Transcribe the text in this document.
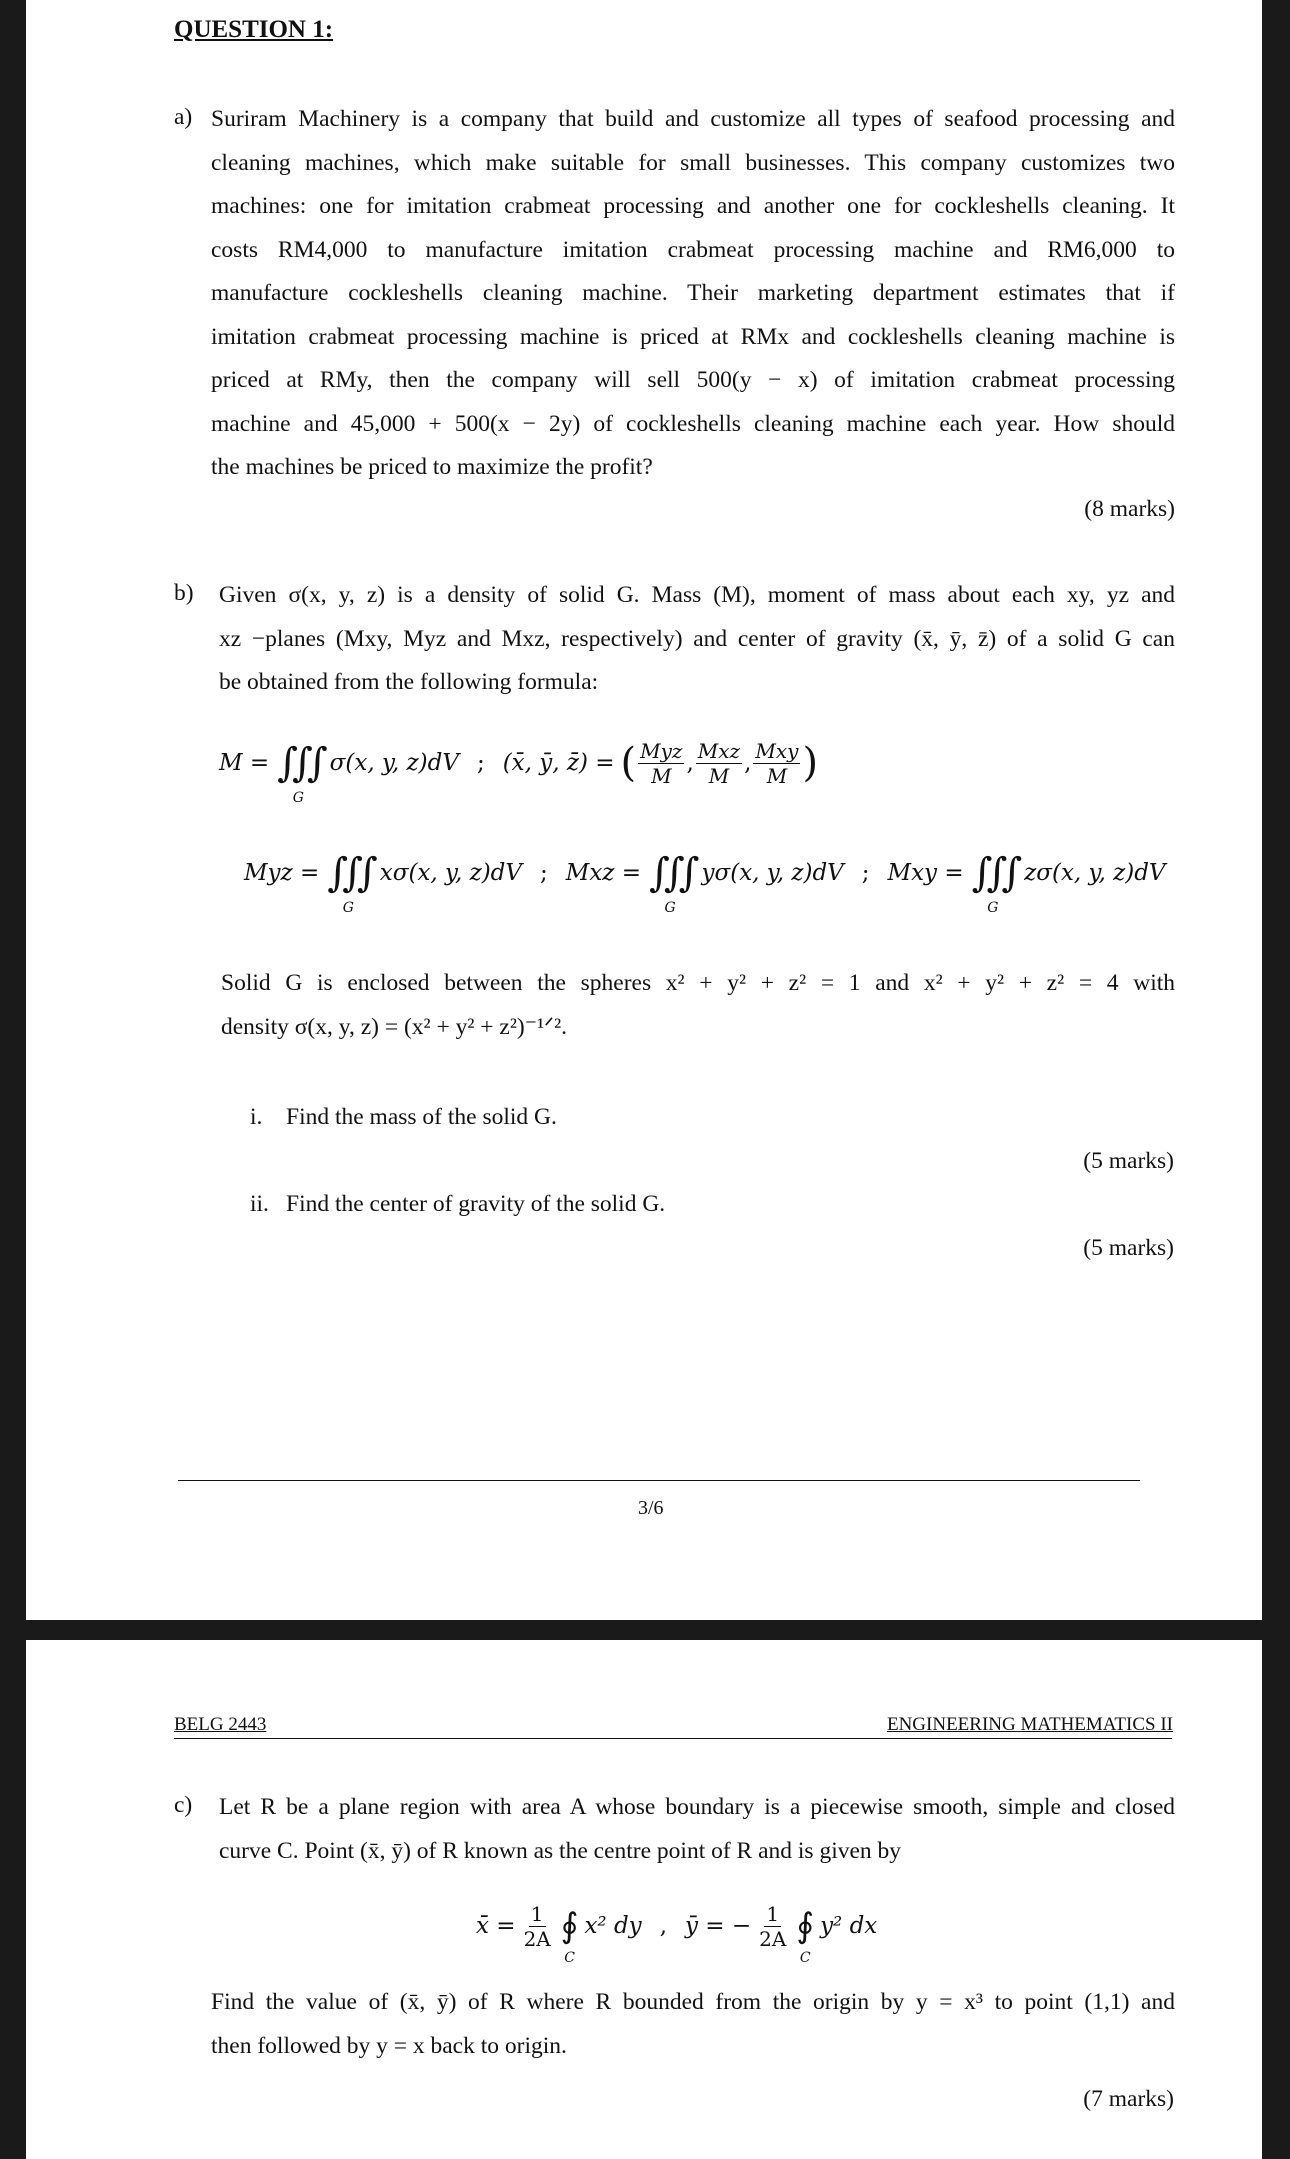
QUESTION 1:
a) Suriram Machinery is a company that build and customize all types of seafood processing and
cleaning machines, which make suitable for small businesses. This company customizes two
machines: one for imitation crabmeat processing and another one for cockleshells cleaning. It
costs RM4,000 to manufacture imitation crabmeat processing machine and RM6,000 to
manufacture cockleshells cleaning machine. Their marketing department estimates that if
imitation crabmeat processing machine is priced at RMx and cockleshells cleaning machine is
priced at RMy, then the company will sell 500(y − x) of imitation crabmeat processing
machine and 45,000 + 500(x − 2y) of cockleshells cleaning machine each year. How should
the machines be priced to maximize the profit?
(8 marks)
b) Given σ(x, y, z) is a density of solid G. Mass (M), moment of mass about each xy, yz and
xz −planes (Mxy, Myz and Mxz, respectively) and center of gravity (x̄, ȳ, z̄) of a solid G can
be obtained from the following formula:
M = ∫∫∫
G
σ(x, y, z)dV ; (x̄, ȳ, z̄) = ( $\frac{\text{Myz}}{M}$ , $\frac{\text{Mxz}}{M}$ , $\frac{\text{Mxy}}{M}$ )
Myz = ∫∫∫
G
xσ(x, y, z)dV ; Mxz = ∫∫∫
G
yσ(x, y, z)dV ; Mxy = ∫∫∫
G
zσ(x, y, z)dV
Solid G is enclosed between the spheres x² + y² + z² = 1 and x² + y² + z² = 4 with
density σ(x, y, z) = (x² + y² + z²)⁻¹ᐟ².
i. Find the mass of the solid G.
(5 marks)
ii. Find the center of gravity of the solid G.
(5 marks)
3/6
BELG 2443	ENGINEERING MATHEMATICS II
c) Let R be a plane region with area A whose boundary is a piecewise smooth, simple and closed
curve C. Point (x̄, ȳ) of R known as the centre point of R and is given by
x̄ = $\frac{1}{2A}$ ∮
C
x² dy , ȳ = − $\frac{1}{2A}$ ∮
C
y² dx
Find the value of (x̄, ȳ) of R where R bounded from the origin by y = x³ to point (1,1) and
then followed by y = x back to origin.
(7 marks)
